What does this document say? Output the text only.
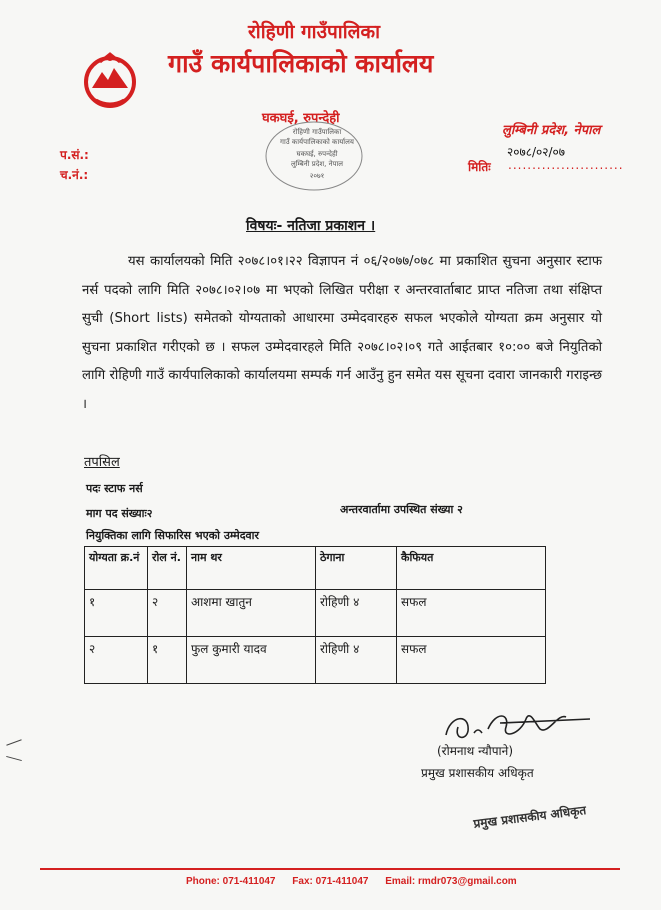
रोहिणी गाउँपालिका
गाउँ कार्यपालिकाको कार्यालय
घकघई, रुपन्देही
लुम्बिनी प्रदेश, नेपाल
प.सं.:
च.नं.:
२०७८/०२/०७
मितिः ........................
रोहिणी गाउँपालिका
गाउँ कार्यपालिकाको कार्यालय
घकघई, रुपन्देही
लुम्बिनी प्रदेश, नेपाल
२०७१
विषयः- नतिजा प्रकाशन ।
यस कार्यालयको मिति २०७८।०१।२२ विज्ञापन नं ०६/२०७७/०७८ मा प्रकाशित सुचना अनुसार स्टाफ नर्स पदको लागि मिति २०७८।०२।०७ मा भएको लिखित परीक्षा र अन्तरवार्ताबाट प्राप्त नतिजा तथा संक्षिप्त सुची (Short lists) समेतको योग्यताको आधारमा उम्मेदवारहरु सफल भएकोले योग्यता क्रम अनुसार यो सुचना प्रकाशित गरीएको छ । सफल उम्मेदवारहले मिति २०७८।०२।०९ गते आईतबार १०:०० बजे नियुतिको लागि रोहिणी गाउँ कार्यपालिकाको कार्यालयमा सम्पर्क गर्न आउँनु हुन समेत यस सूचना दवारा जानकारी गराइन्छ ।
तपसिल
पदः स्टाफ नर्स
माग पद संख्याः२	अन्तरवार्तामा उपस्थित संख्या २
नियुक्तिका लागि सिफारिस भएको उम्मेदवार
योग्यता क्र.नं	रोल नं.	नाम थर	ठेगाना	कैफियत
१	२	आशमा खातुन	रोहिणी ४	सफल
२	१	फुल कुमारी यादव	रोहिणी ४	सफल
(रोमनाथ न्यौपाने)
प्रमुख प्रशासकीय अधिकृत
प्रमुख प्रशासकीय अधिकृत
Phone: 071-411047 Fax: 071-411047 Email: rmdr073@gmail.com
